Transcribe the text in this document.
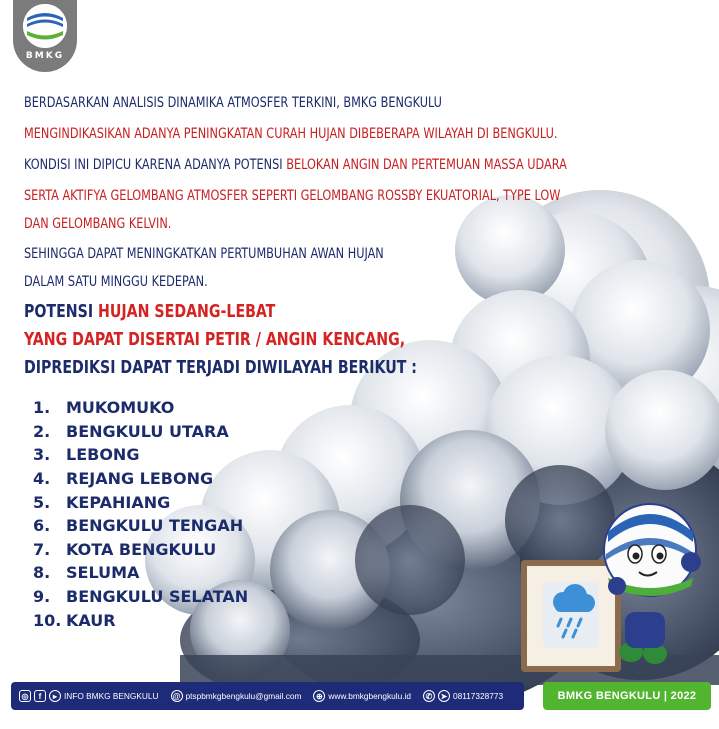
BMKG
BERDASARKAN ANALISIS DINAMIKA ATMOSFER TERKINI, BMKG BENGKULU
MENGINDIKASIKAN ADANYA PENINGKATAN CURAH HUJAN DIBEBERAPA WILAYAH DI BENGKULU.
KONDISI INI DIPICU KARENA ADANYA POTENSI BELOKAN ANGIN DAN PERTEMUAN MASSA UDARA
SERTA AKTIFYA GELOMBANG ATMOSFER SEPERTI GELOMBANG ROSSBY EKUATORIAL, TYPE LOW
DAN GELOMBANG KELVIN.
SEHINGGA DAPAT MENINGKATKAN PERTUMBUHAN AWAN HUJAN
DALAM SATU MINGGU KEDEPAN.
POTENSI HUJAN SEDANG-LEBAT
YANG DAPAT DISERTAI PETIR / ANGIN KENCANG,
DIPREDIKSI DAPAT TERJADI DIWILAYAH BERIKUT :
1. MUKOMUKO
2. BENGKULU UTARA
3. LEBONG
4. REJANG LEBONG
5. KEPAHIANG
6. BENGKULU TENGAH
7. KOTA BENGKULU
8. SELUMA
9. BENGKULU SELATAN
10. KAUR
◎	f	▸ INFO BMKG BENGKULU @ ptspbmkgbengkulu@gmail.com	⊕ www.bmkgbengkulu.id	✆	➤ 08117328773	BMKG BENGKULU | 2022
